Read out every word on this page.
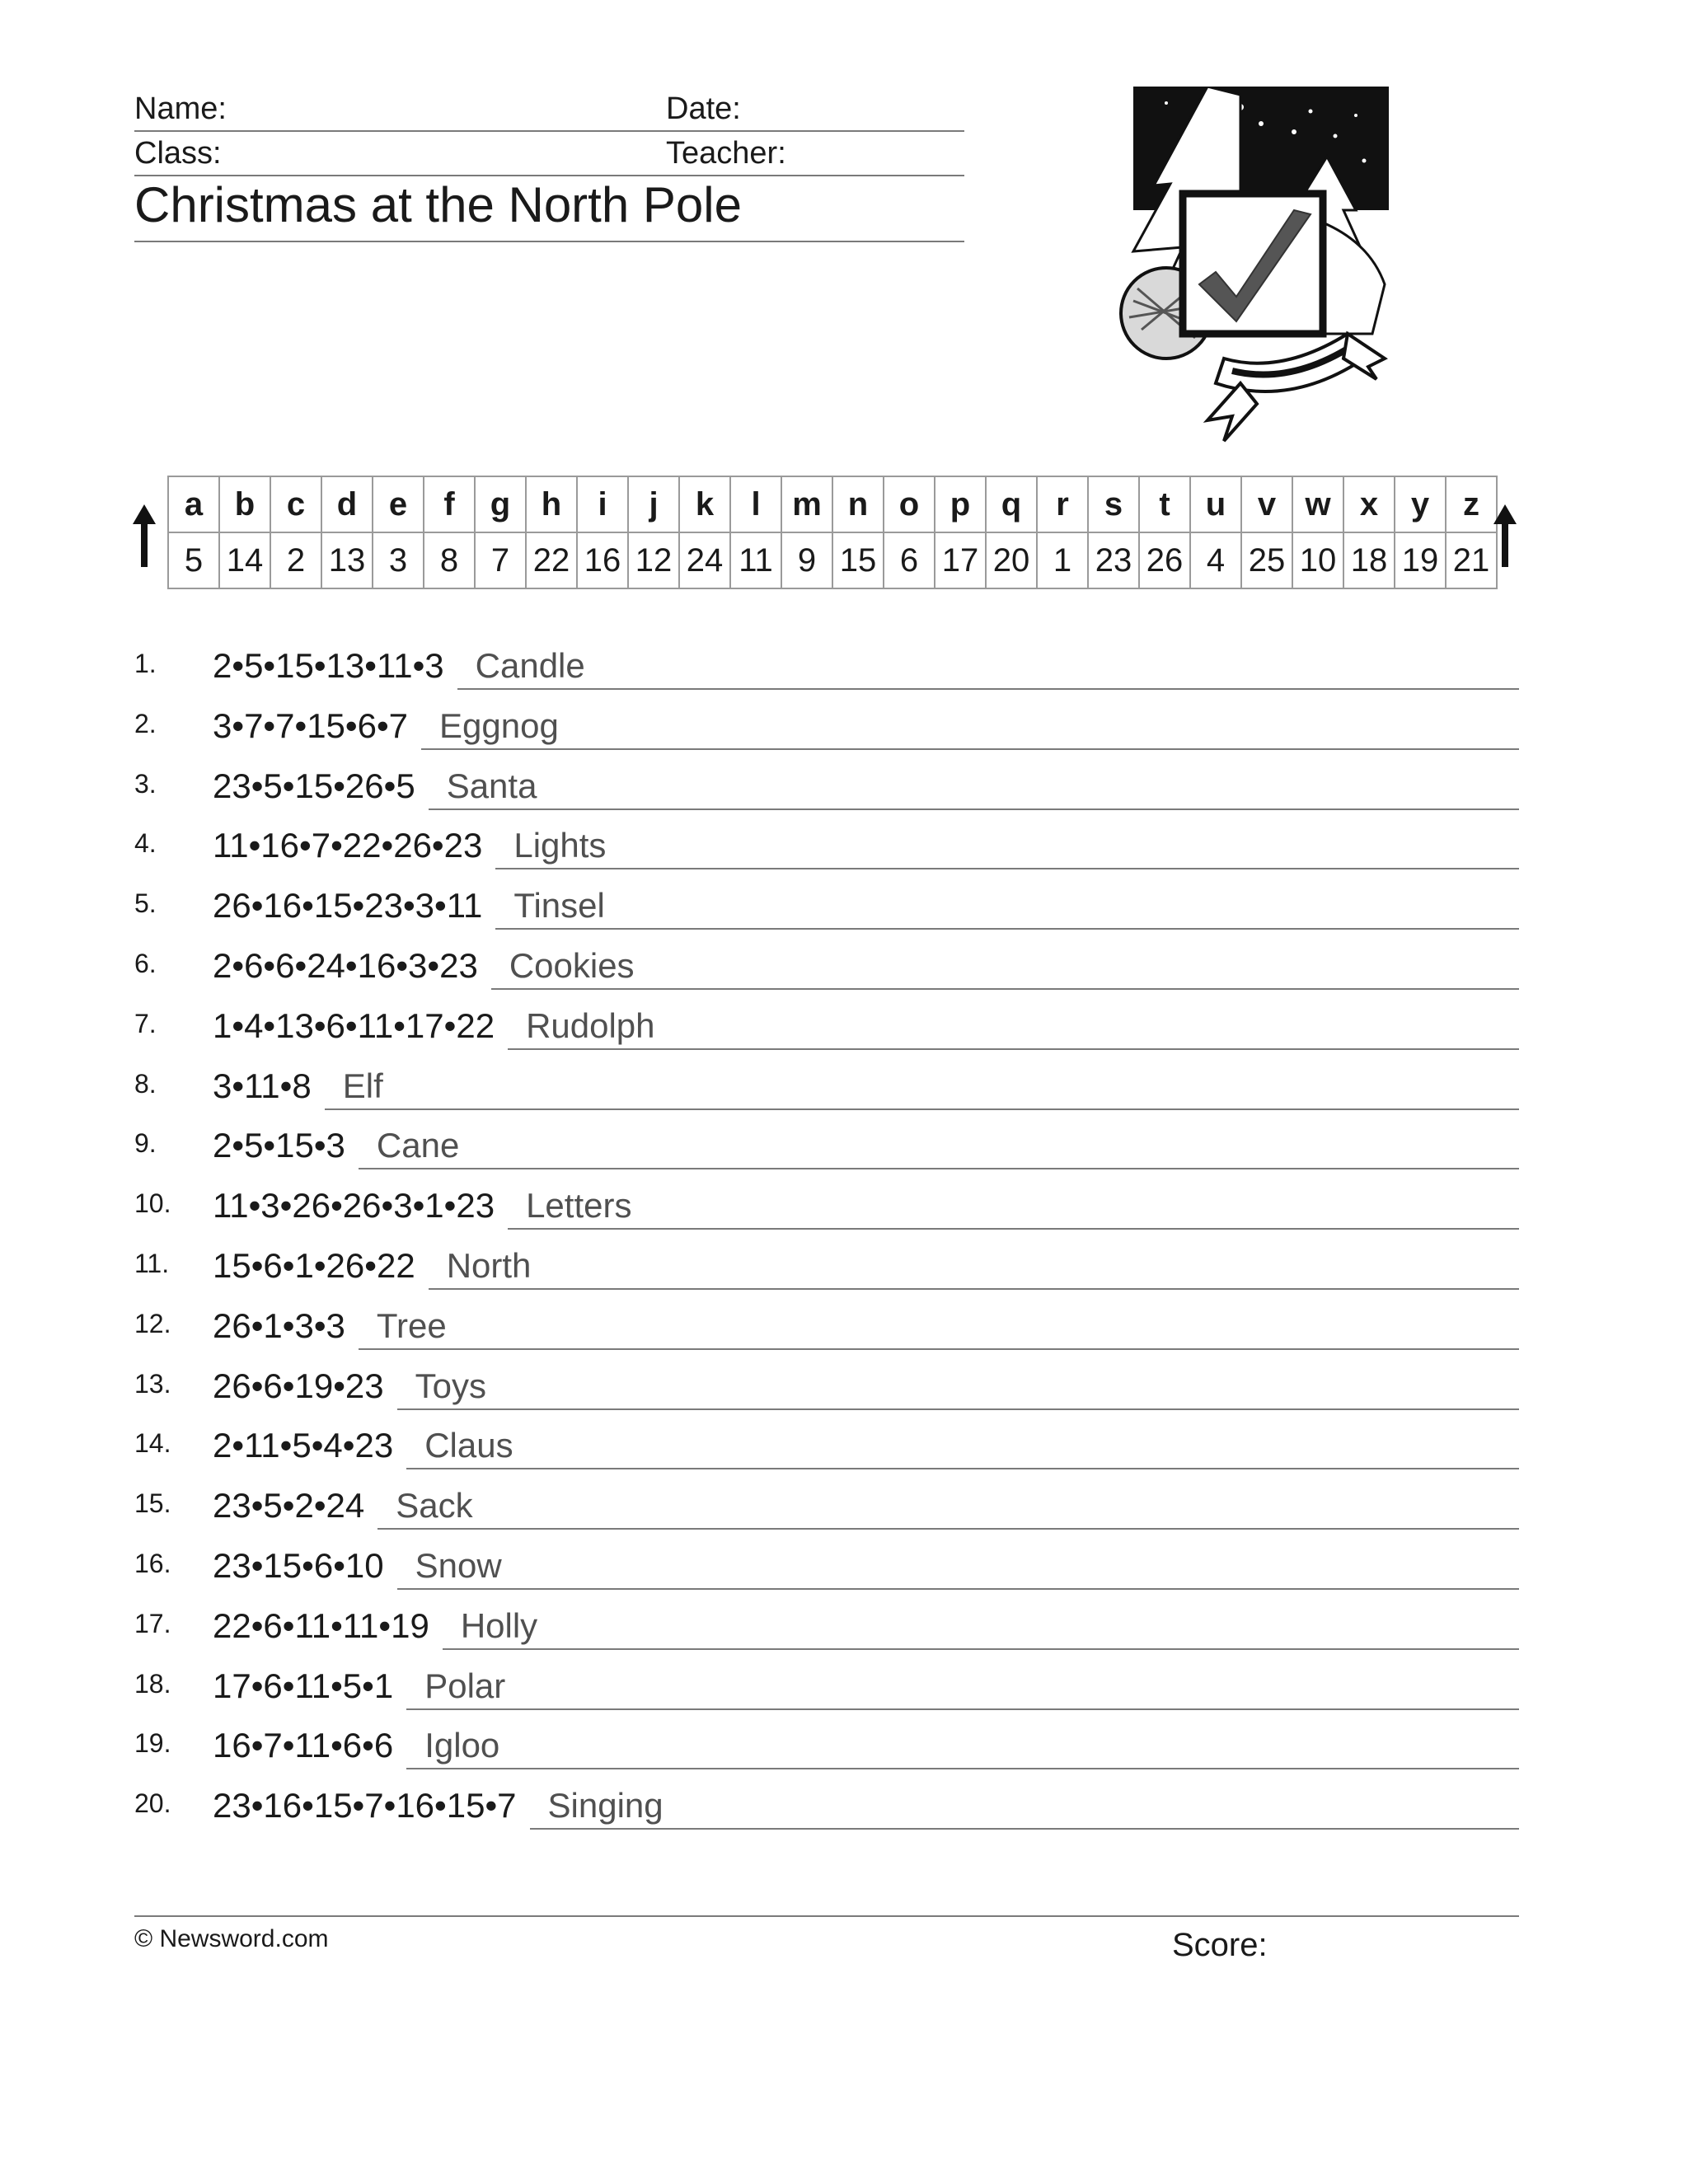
Name:	Date:
Class:	Teacher:
Christmas at the North Pole
a	b	c	d	e	f	g	h	i	j	k	l	m	n	o	p	q	r	s	t	u	v	w	x	y	z
5	14	2	13	3	8	7	22	16	12	24	11	9	15	6	17	20	1	23	26	4	25	10	18	19	21
1. 2•5•15•13•11•3 Candle
2. 3•7•7•15•6•7 Eggnog
3. 23•5•15•26•5 Santa
4. 11•16•7•22•26•23 Lights
5. 26•16•15•23•3•11 Tinsel
6. 2•6•6•24•16•3•23 Cookies
7. 1•4•13•6•11•17•22 Rudolph
8. 3•11•8 Elf
9. 2•5•15•3 Cane
10. 11•3•26•26•3•1•23 Letters
11. 15•6•1•26•22 North
12. 26•1•3•3 Tree
13. 26•6•19•23 Toys
14. 2•11•5•4•23 Claus
15. 23•5•2•24 Sack
16. 23•15•6•10 Snow
17. 22•6•11•11•19 Holly
18. 17•6•11•5•1 Polar
19. 16•7•11•6•6 Igloo
20. 23•16•15•7•16•15•7 Singing
© Newsword.com	Score:
